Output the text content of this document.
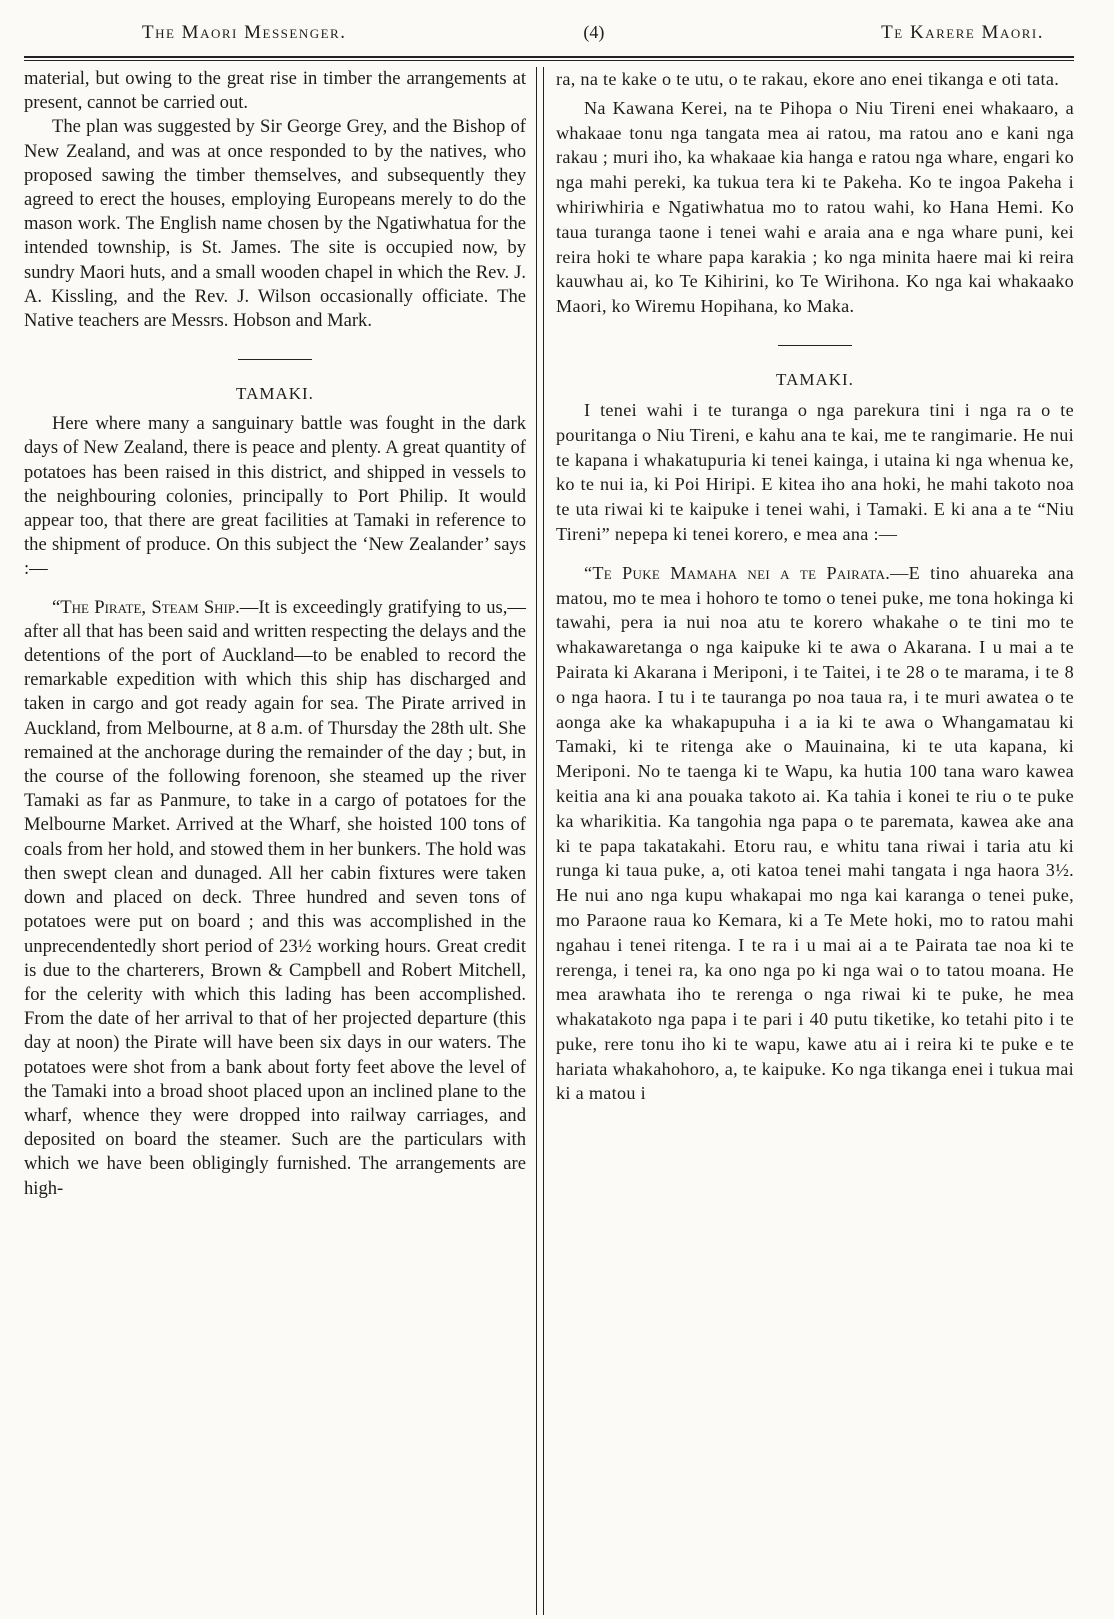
The Maori Messenger.	(4)	Te Karere Maori.

material, but owing to the great rise in timber the arrangements at present, cannot be carried out.

The plan was suggested by Sir George Grey, and the Bishop of New Zealand, and was at once responded to by the natives, who proposed sawing the timber themselves, and subsequently they agreed to erect the houses, employing Europeans merely to do the mason work. The English name chosen by the Ngatiwhatua for the intended township, is St. James. The site is occupied now, by sundry Maori huts, and a small wooden chapel in which the Rev. J. A. Kissling, and the Rev. J. Wilson occasionally officiate. The Native teachers are Messrs. Hobson and Mark.

TAMAKI.

Here where many a sanguinary battle was fought in the dark days of New Zealand, there is peace and plenty. A great quantity of potatoes has been raised in this district, and shipped in vessels to the neighbouring colonies, principally to Port Philip. It would appear too, that there are great facilities at Tamaki in reference to the shipment of produce. On this subject the ‘New Zealander’ says :—

“The Pirate, Steam Ship.—It is exceedingly gratifying to us,—after all that has been said and written respecting the delays and the detentions of the port of Auckland—to be enabled to record the remarkable expedition with which this ship has discharged and taken in cargo and got ready again for sea. The Pirate arrived in Auckland, from Melbourne, at 8 a.m. of Thursday the 28th ult. She remained at the anchorage during the remainder of the day ; but, in the course of the following forenoon, she steamed up the river Tamaki as far as Panmure, to take in a cargo of potatoes for the Melbourne Market. Arrived at the Wharf, she hoisted 100 tons of coals from her hold, and stowed them in her bunkers. The hold was then swept clean and dunaged. All her cabin fixtures were taken down and placed on deck. Three hundred and seven tons of potatoes were put on board ; and this was accomplished in the unprecendentedly short period of 23½ working hours. Great credit is due to the charterers, Brown & Campbell and Robert Mitchell, for the celerity with which this lading has been accomplished. From the date of her arrival to that of her projected departure (this day at noon) the Pirate will have been six days in our waters. The potatoes were shot from a bank about forty feet above the level of the Tamaki into a broad shoot placed upon an inclined plane to the wharf, whence they were dropped into railway carriages, and deposited on board the steamer. Such are the particulars with which we have been obligingly furnished. The arrangements are high-

ra, na te kake o te utu, o te rakau, ekore ano enei tikanga e oti tata.

Na Kawana Kerei, na te Pihopa o Niu Tireni enei whakaaro, a whakaae tonu nga tangata mea ai ratou, ma ratou ano e kani nga rakau ; muri iho, ka whakaae kia hanga e ratou nga whare, engari ko nga mahi pereki, ka tukua tera ki te Pakeha. Ko te ingoa Pakeha i whiriwhiria e Ngatiwhatua mo to ratou wahi, ko Hana Hemi. Ko taua turanga taone i tenei wahi e araia ana e nga whare puni, kei reira hoki te whare papa karakia ; ko nga minita haere mai ki reira kauwhau ai, ko Te Kihirini, ko Te Wirihona. Ko nga kai whakaako Maori, ko Wiremu Hopihana, ko Maka.

TAMAKI.

I tenei wahi i te turanga o nga parekura tini i nga ra o te pouritanga o Niu Tireni, e kahu ana te kai, me te rangimarie. He nui te kapana i whakatupuria ki tenei kainga, i utaina ki nga whenua ke, ko te nui ia, ki Poi Hiripi. E kitea iho ana hoki, he mahi takoto noa te uta riwai ki te kaipuke i tenei wahi, i Tamaki. E ki ana a te “Niu Tireni” nepepa ki tenei korero, e mea ana :—

“Te Puke Mamaha nei a te Pairata.—E tino ahuareka ana matou, mo te mea i hohoro te tomo o tenei puke, me tona hokinga ki tawahi, pera ia nui noa atu te korero whakahe o te tini mo te whakawaretanga o nga kaipuke ki te awa o Akarana. I u mai a te Pairata ki Akarana i Meriponi, i te Taitei, i te 28 o te marama, i te 8 o nga haora. I tu i te tauranga po noa taua ra, i te muri awatea o te aonga ake ka whakapupuha i a ia ki te awa o Whangamatau ki Tamaki, ki te ritenga ake o Mauinaina, ki te uta kapana, ki Meriponi. No te taenga ki te Wapu, ka hutia 100 tana waro kawea keitia ana ki ana pouaka takoto ai. Ka tahia i konei te riu o te puke ka wharikitia. Ka tangohia nga papa o te paremata, kawea ake ana ki te papa takatakahi. Etoru rau, e whitu tana riwai i taria atu ki runga ki taua puke, a, oti katoa tenei mahi tangata i nga haora 3½. He nui ano nga kupu whakapai mo nga kai karanga o tenei puke, mo Paraone raua ko Kemara, ki a Te Mete hoki, mo to ratou mahi ngahau i tenei ritenga. I te ra i u mai ai a te Pairata tae noa ki te rerenga, i tenei ra, ka ono nga po ki nga wai o to tatou moana. He mea arawhata iho te rerenga o nga riwai ki te puke, he mea whakatakoto nga papa i te pari i 40 putu tiketike, ko tetahi pito i te puke, rere tonu iho ki te wapu, kawe atu ai i reira ki te puke e te hariata whakahohoro, a, te kaipuke. Ko nga tikanga enei i tukua mai ki a matou i
